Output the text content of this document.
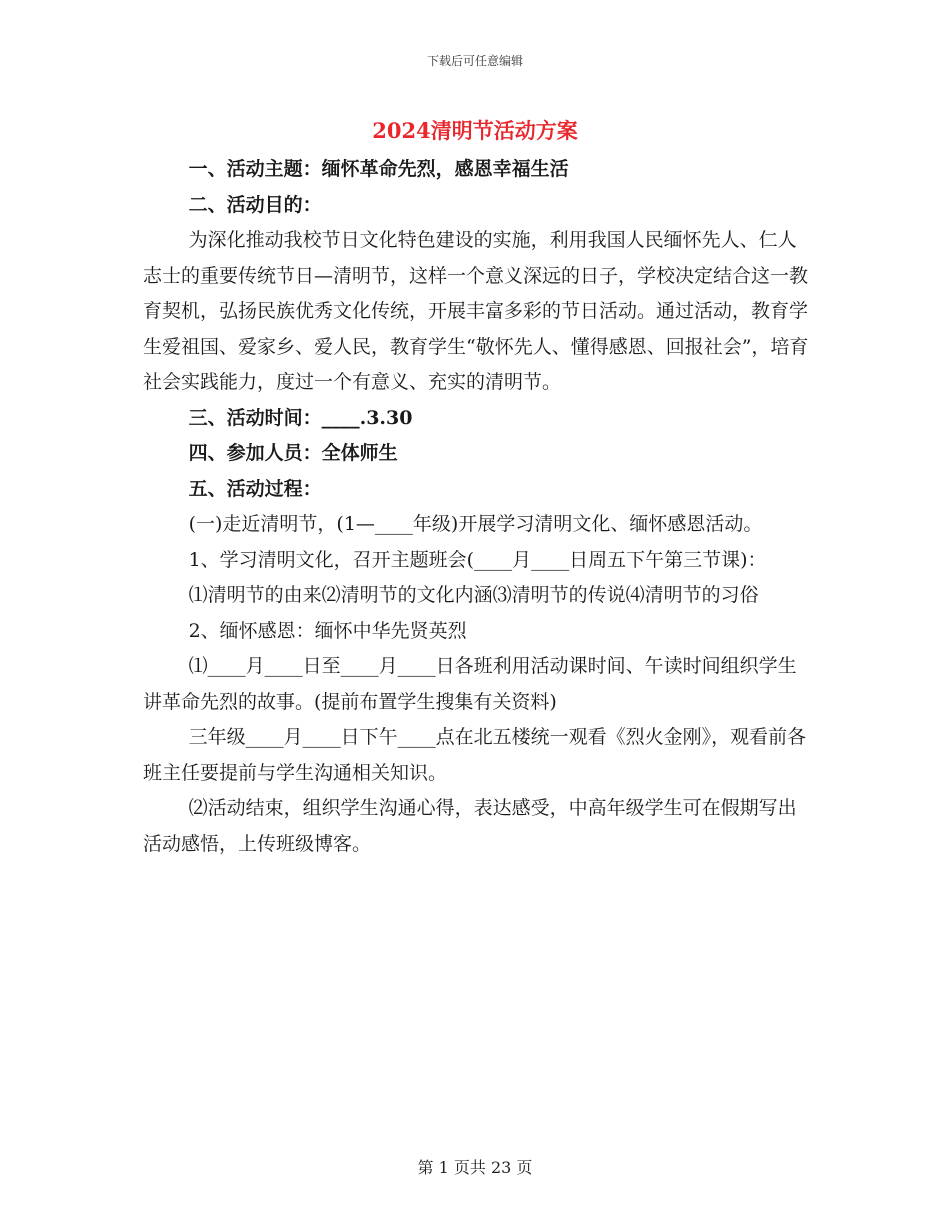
下载后可任意编辑
2024清明节活动方案

一、活动主题：缅怀革命先烈，感恩幸福生活

二、活动目的：

为深化推动我校节日文化特色建设的实施，利用我国人民缅怀先人、仁人志士的重要传统节日—清明节，这样一个意义深远的日子，学校决定结合这一教育契机，弘扬民族优秀文化传统，开展丰富多彩的节日活动。通过活动，教育学生爱祖国、爱家乡、爱人民，教育学生“敬怀先人、懂得感恩、回报社会”，培育社会实践能力，度过一个有意义、充实的清明节。

三、活动时间：____.3.30

四、参加人员：全体师生

五、活动过程：

(一)走近清明节，(1—____年级)开展学习清明文化、缅怀感恩活动。

1、学习清明文化，召开主题班会(____月____日周五下午第三节课)：

⑴清明节的由来⑵清明节的文化内涵⑶清明节的传说⑷清明节的习俗

2、缅怀感恩：缅怀中华先贤英烈

⑴____月____日至____月____日各班利用活动课时间、午读时间组织学生讲革命先烈的故事。(提前布置学生搜集有关资料)

三年级____月____日下午____点在北五楼统一观看《烈火金刚》，观看前各班主任要提前与学生沟通相关知识。

⑵活动结束，组织学生沟通心得，表达感受，中高年级学生可在假期写出活动感悟，上传班级博客。

第 1 页共 23 页
